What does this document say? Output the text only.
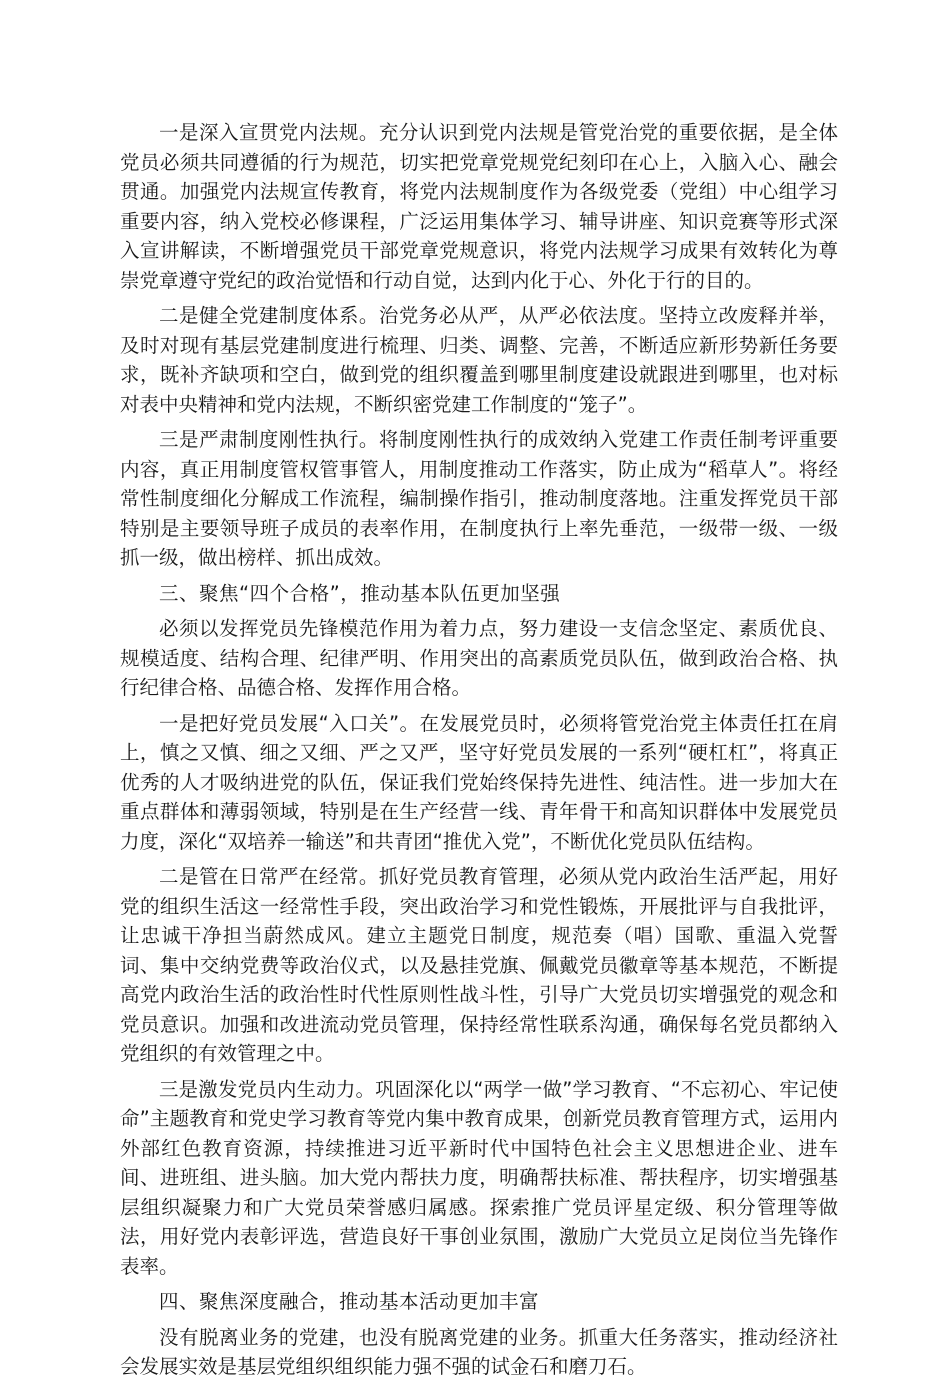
一是深入宣贯党内法规。充分认识到党内法规是管党治党的重要依据，是全体党员必须共同遵循的行为规范，切实把党章党规党纪刻印在心上，入脑入心、融会贯通。加强党内法规宣传教育，将党内法规制度作为各级党委（党组）中心组学习重要内容，纳入党校必修课程，广泛运用集体学习、辅导讲座、知识竞赛等形式深入宣讲解读，不断增强党员干部党章党规意识，将党内法规学习成果有效转化为尊崇党章遵守党纪的政治觉悟和行动自觉，达到内化于心、外化于行的目的。

二是健全党建制度体系。治党务必从严，从严必依法度。坚持立改废释并举，及时对现有基层党建制度进行梳理、归类、调整、完善，不断适应新形势新任务要求，既补齐缺项和空白，做到党的组织覆盖到哪里制度建设就跟进到哪里，也对标对表中央精神和党内法规，不断织密党建工作制度的“笼子”。

三是严肃制度刚性执行。将制度刚性执行的成效纳入党建工作责任制考评重要内容，真正用制度管权管事管人，用制度推动工作落实，防止成为“稻草人”。将经常性制度细化分解成工作流程，编制操作指引，推动制度落地。注重发挥党员干部特别是主要领导班子成员的表率作用，在制度执行上率先垂范，一级带一级、一级抓一级，做出榜样、抓出成效。

三、聚焦“四个合格”，推动基本队伍更加坚强

必须以发挥党员先锋模范作用为着力点，努力建设一支信念坚定、素质优良、规模适度、结构合理、纪律严明、作用突出的高素质党员队伍，做到政治合格、执行纪律合格、品德合格、发挥作用合格。

一是把好党员发展“入口关”。在发展党员时，必须将管党治党主体责任扛在肩上，慎之又慎、细之又细、严之又严，坚守好党员发展的一系列“硬杠杠”，将真正优秀的人才吸纳进党的队伍，保证我们党始终保持先进性、纯洁性。进一步加大在重点群体和薄弱领域，特别是在生产经营一线、青年骨干和高知识群体中发展党员力度，深化“双培养一输送”和共青团“推优入党”，不断优化党员队伍结构。

二是管在日常严在经常。抓好党员教育管理，必须从党内政治生活严起，用好党的组织生活这一经常性手段，突出政治学习和党性锻炼，开展批评与自我批评，让忠诚干净担当蔚然成风。建立主题党日制度，规范奏（唱）国歌、重温入党誓词、集中交纳党费等政治仪式，以及悬挂党旗、佩戴党员徽章等基本规范，不断提高党内政治生活的政治性时代性原则性战斗性，引导广大党员切实增强党的观念和党员意识。加强和改进流动党员管理，保持经常性联系沟通，确保每名党员都纳入党组织的有效管理之中。

三是激发党员内生动力。巩固深化以“两学一做”学习教育、“不忘初心、牢记使命”主题教育和党史学习教育等党内集中教育成果，创新党员教育管理方式，运用内外部红色教育资源，持续推进习近平新时代中国特色社会主义思想进企业、进车间、进班组、进头脑。加大党内帮扶力度，明确帮扶标准、帮扶程序，切实增强基层组织凝聚力和广大党员荣誉感归属感。探索推广党员评星定级、积分管理等做法，用好党内表彰评选，营造良好干事创业氛围，激励广大党员立足岗位当先锋作表率。

四、聚焦深度融合，推动基本活动更加丰富

没有脱离业务的党建，也没有脱离党建的业务。抓重大任务落实，推动经济社会发展实效是基层党组织组织能力强不强的试金石和磨刀石。
